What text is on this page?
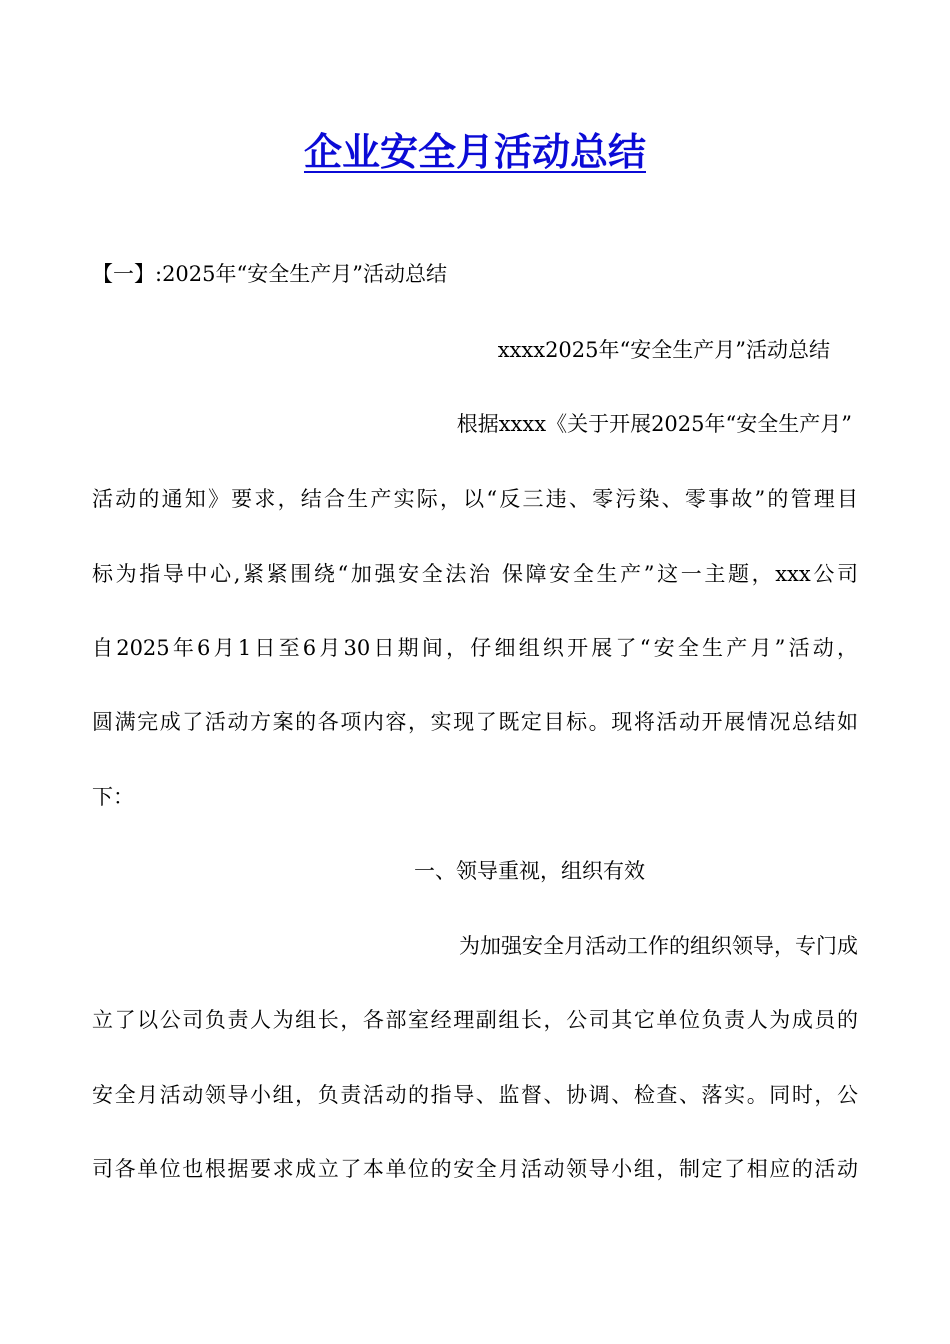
企业安全月活动总结
【一】:2025年“安全生产月”活动总结
xxxx2025年“安全生产月”活动总结
根据xxxx《关于开展2025年“安全生产月”
活动的通知》要求，结合生产实际，以“反三违、零污染、零事故”的管理目
标为指导中心,紧紧围绕“加强安全法治 保障安全生产”这一主题，xxx公司
自2025年6月1日至6月30日期间，仔细组织开展了“安全生产月”活动，
圆满完成了活动方案的各项内容，实现了既定目标。现将活动开展情况总结如
下：
一、领导重视，组织有效
为加强安全月活动工作的组织领导，专门成
立了以公司负责人为组长，各部室经理副组长，公司其它单位负责人为成员的
安全月活动领导小组，负责活动的指导、监督、协调、检查、落实。同时，公
司各单位也根据要求成立了本单位的安全月活动领导小组，制定了相应的活动
